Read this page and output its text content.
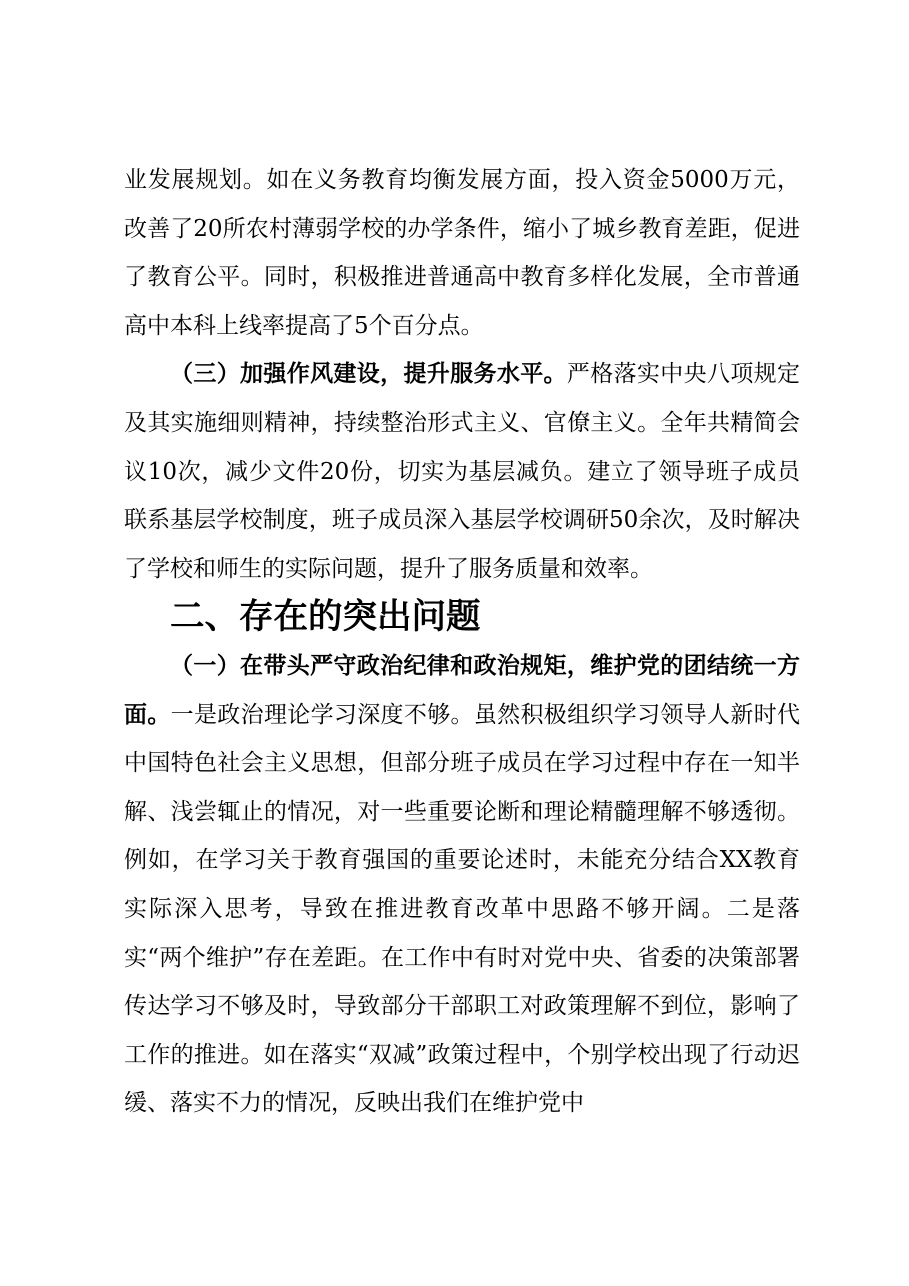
业发展规划。如在义务教育均衡发展方面，投入资金5000万元，改善了20所农村薄弱学校的办学条件，缩小了城乡教育差距，促进了教育公平。同时，积极推进普通高中教育多样化发展，全市普通高中本科上线率提高了5个百分点。

（三）加强作风建设，提升服务水平。严格落实中央八项规定及其实施细则精神，持续整治形式主义、官僚主义。全年共精简会议10次，减少文件20份，切实为基层减负。建立了领导班子成员联系基层学校制度，班子成员深入基层学校调研50余次，及时解决了学校和师生的实际问题，提升了服务质量和效率。

二、存在的突出问题

（一）在带头严守政治纪律和政治规矩，维护党的团结统一方面。一是政治理论学习深度不够。虽然积极组织学习领导人新时代中国特色社会主义思想，但部分班子成员在学习过程中存在一知半解、浅尝辄止的情况，对一些重要论断和理论精髓理解不够透彻。例如，在学习关于教育强国的重要论述时，未能充分结合XX教育实际深入思考，导致在推进教育改革中思路不够开阔。二是落实“两个维护”存在差距。在工作中有时对党中央、省委的决策部署传达学习不够及时，导致部分干部职工对政策理解不到位，影响了工作的推进。如在落实“双减”政策过程中，个别学校出现了行动迟缓、落实不力的情况，反映出我们在维护党中
